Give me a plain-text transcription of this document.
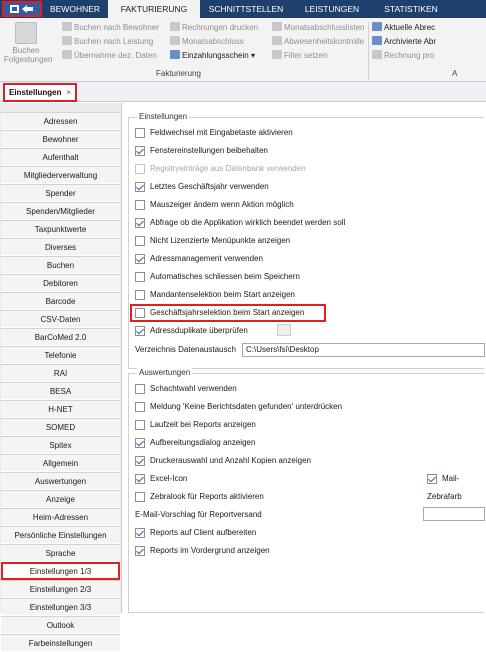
BEWOHNER	FAKTURIERUNG	SCHNITTSTELLEN	LEISTUNGEN	STATISTIKEN
Buchen Folgestungen
Buchen nach Bewohner
Buchen nach Leistung
Übernahme dez. Daten
Rechnungen drucken
Monatsabschluss
Einzahlungsschein ▾
Monatsabschlusslisten
Abwesenheitskontrolle
Filter setzen
Aktuelle Abrec
Archivierte Abr
Rechnung pro
Fakturierung	A
Einstellungen ×
Adressen
Bewohner
Aufenthalt
Mitgliederverwaltung
Spender
Spenden/Mitglieder
Taxpunktwerte
Diverses
Buchen
Debitoren
Barcode
CSV-Daten
BarCoMed 2.0
Telefonie
RAI
BESA
H-NET
SOMED
Spitex
Allgemein
Auswertungen
Anzeige
Heim-Adressen
Persönliche Einstellungen
Sprache
Einstellungen 1/3
Einstellungen 2/3
Einstellungen 3/3
Outlook
Farbeinstellungen
Einstellungen
Feldwechsel mit Eingabetaste aktivieren
Fenstereinstellungen beibehalten
Registryeinträge aus Datenbank verwenden
Letztes Geschäftsjahr verwenden
Mauszeiger ändern wenn Aktion möglich
Abfrage ob die Applikation wirklich beendet werden soll
Nicht Lizenzierte Menüpunkte anzeigen
Adressmanagement verwenden
Automatisches schliessen beim Speichern
Mandantenselektion beim Start anzeigen
Geschäftsjahrselektion beim Start anzeigen
Adressduplikate überprüfen
Verzeichnis Datenaustausch	C:\Users\fsi\Desktop
Auswertungen
Schachtwahl verwenden
Meldung 'Keine Berichtsdaten gefunden' unterdrücken
Laufzeit bei Reports anzeigen
Aufbereitungsdialog anzeigen
Druckerauswahl und Anzahl Kopien anzeigen
Excel-Icon
Zebralook für Reports aktivieren
E-Mail-Vorschlag für Reportversand
Reports auf Client aufbereiten
Reports im Vordergrund anzeigen
Mail-
Zebrafarb
